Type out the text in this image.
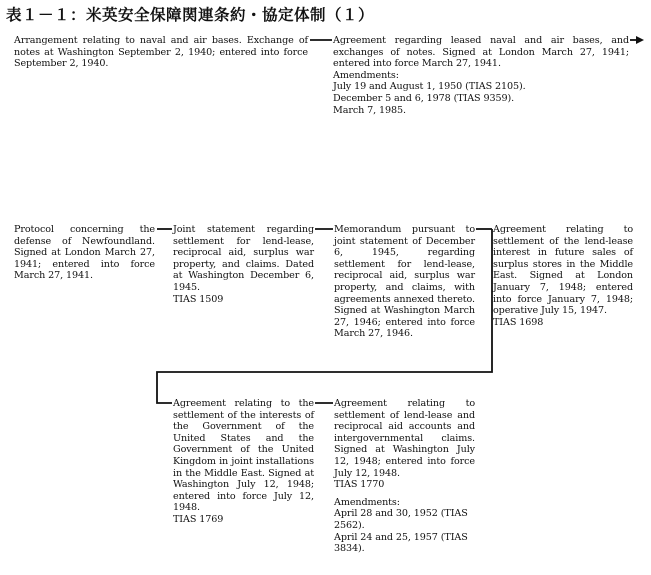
表１－１：米英安全保障関連条約・協定体制（１）

Arrangement relating to naval and air bases. Exchange of notes at Washington September 2, 1940; entered into force September 2, 1940.

Agreement regarding leased naval and air bases, and exchanges of notes. Signed at London March 27, 1941; entered into force March 27, 1941.

Amendments:

July 19 and August 1, 1950 (TIAS 2105).

December 5 and 6, 1978 (TIAS 9359).

March 7, 1985.

Protocol concerning the defense of Newfoundland. Signed at London March 27, 1941; entered into force March 27, 1941.

Joint statement regarding settlement for lend-lease, reciprocal aid, surplus war property, and claims. Dated at Washington December 6, 1945.

TIAS 1509

Memorandum pursuant to joint statement of December 6, 1945, regarding settlement for lend-lease, reciprocal aid, surplus war property, and claims, with agreements annexed thereto. Signed at Washington March 27, 1946; entered into force March 27, 1946.

Agreement relating to settlement of the lend-lease interest in future sales of surplus stores in the Middle East. Signed at London January 7, 1948; entered into force January 7, 1948; operative July 15, 1947.

TIAS 1698

Agreement relating to the settlement of the interests of the Government of the United States and the Government of the United Kingdom in joint installations in the Middle East. Signed at Washington July 12, 1948; entered into force July 12, 1948.

TIAS 1769

Agreement relating to settlement of lend-lease and reciprocal aid accounts and intergovernmental claims. Signed at Washington July 12, 1948; entered into force July 12, 1948.

TIAS 1770

Amendments:

April 28 and 30, 1952 (TIAS 2562).

April 24 and 25, 1957 (TIAS 3834).
